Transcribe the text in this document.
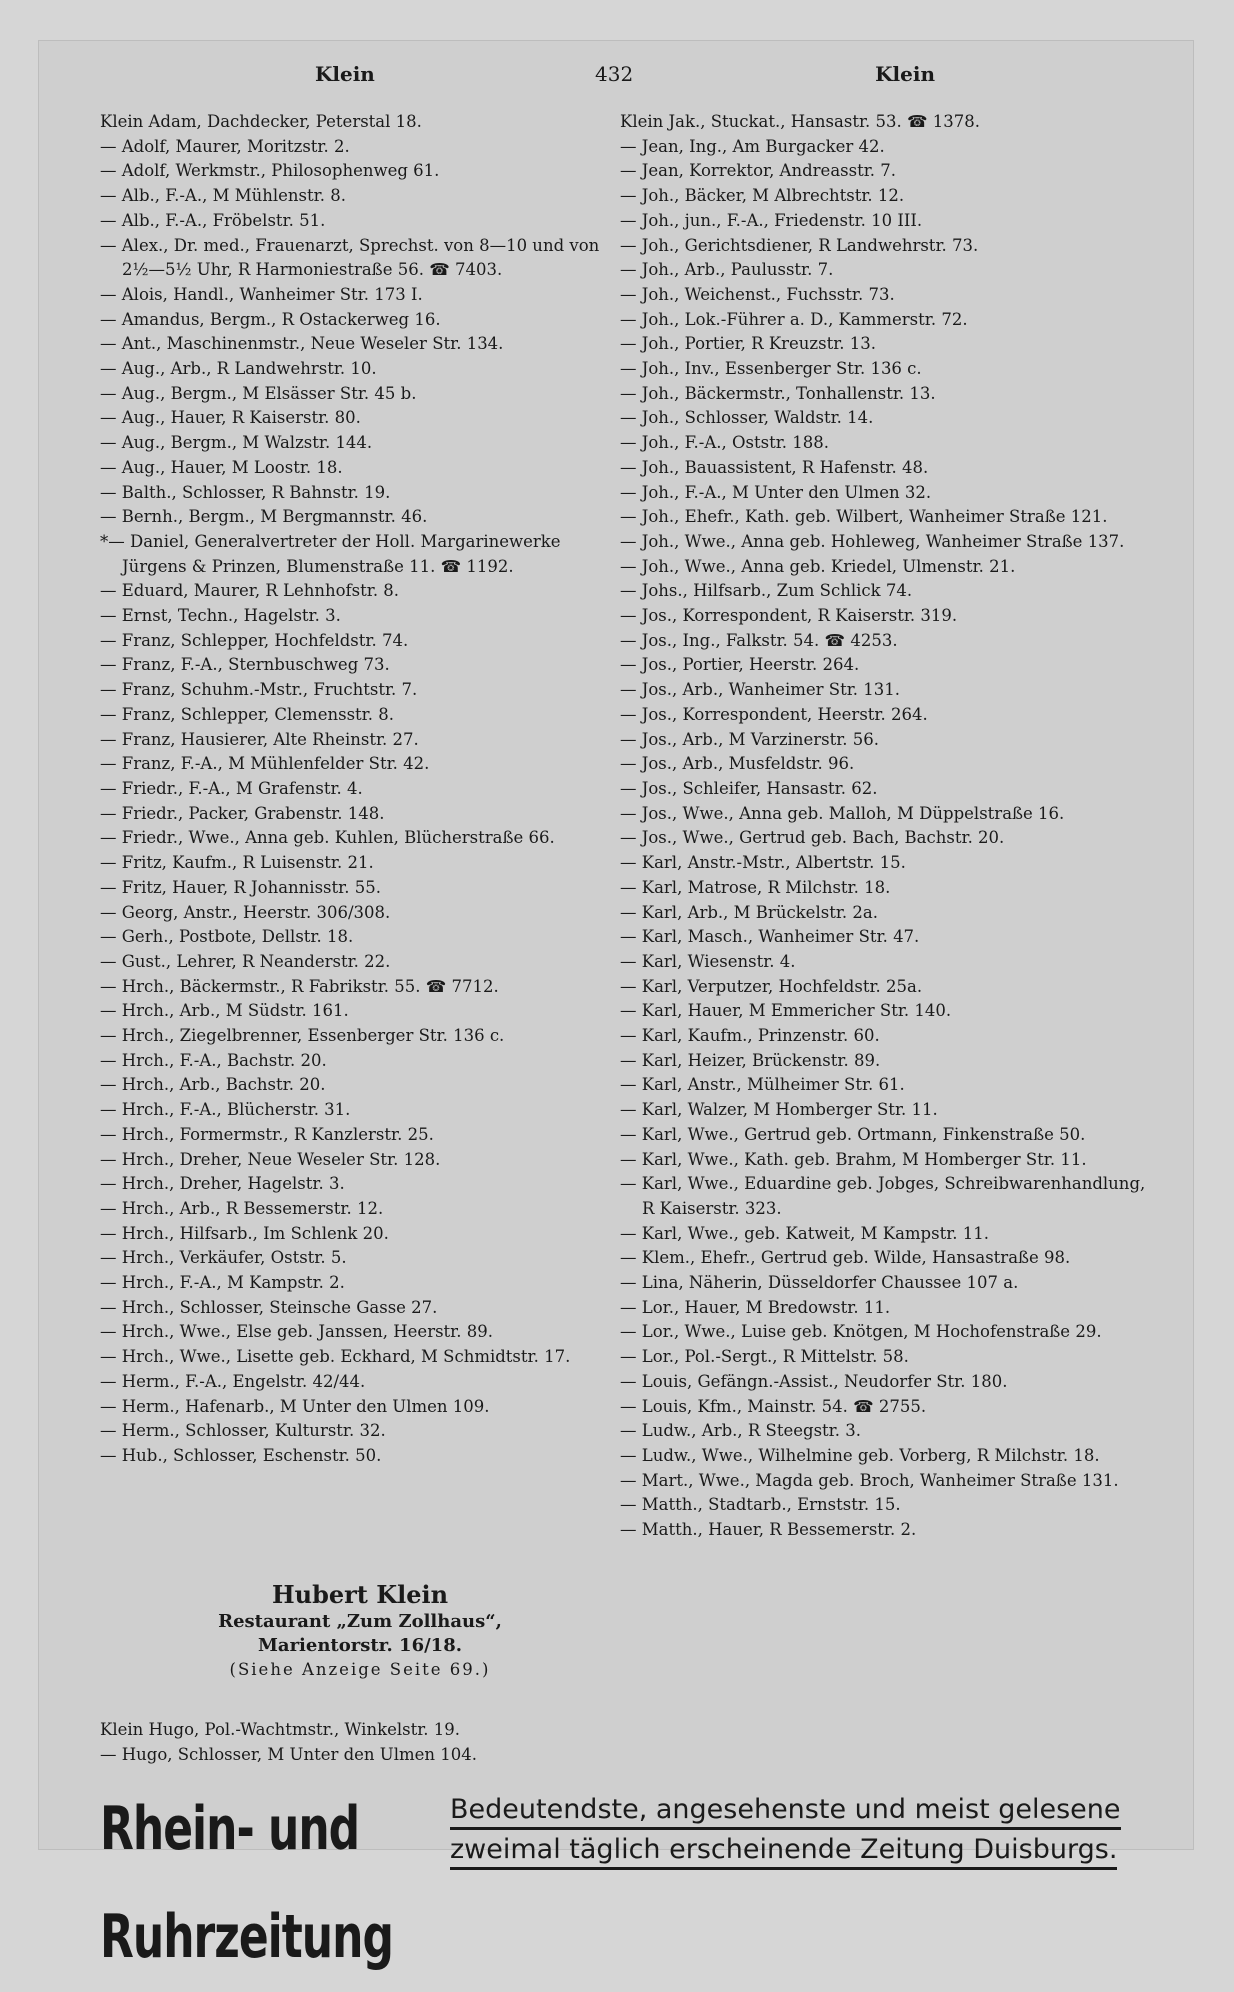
Klein	432	Klein

Klein Adam, Dachdecker, Peterstal 18.

— Adolf, Maurer, Moritzstr. 2.

— Adolf, Werkmstr., Philosophenweg 61.

— Alb., F.-A., M Mühlenstr. 8.

— Alb., F.-A., Fröbelstr. 51.

— Alex., Dr. med., Frauenarzt, Sprechst. von 8—10 und von 2½—5½ Uhr, R Harmoniestraße 56. ☎ 7403.

— Alois, Handl., Wanheimer Str. 173 I.

— Amandus, Bergm., R Ostackerweg 16.

— Ant., Maschinenmstr., Neue Weseler Str. 134.

— Aug., Arb., R Landwehrstr. 10.

— Aug., Bergm., M Elsässer Str. 45 b.

— Aug., Hauer, R Kaiserstr. 80.

— Aug., Bergm., M Walzstr. 144.

— Aug., Hauer, M Loostr. 18.

— Balth., Schlosser, R Bahnstr. 19.

— Bernh., Bergm., M Bergmannstr. 46.

*— Daniel, Generalvertreter der Holl. Margarinewerke Jürgens & Prinzen, Blumenstraße 11. ☎ 1192.

— Eduard, Maurer, R Lehnhofstr. 8.

— Ernst, Techn., Hagelstr. 3.

— Franz, Schlepper, Hochfeldstr. 74.

— Franz, F.-A., Sternbuschweg 73.

— Franz, Schuhm.-Mstr., Fruchtstr. 7.

— Franz, Schlepper, Clemensstr. 8.

— Franz, Hausierer, Alte Rheinstr. 27.

— Franz, F.-A., M Mühlenfelder Str. 42.

— Friedr., F.-A., M Grafenstr. 4.

— Friedr., Packer, Grabenstr. 148.

— Friedr., Wwe., Anna geb. Kuhlen, Blücherstraße 66.

— Fritz, Kaufm., R Luisenstr. 21.

— Fritz, Hauer, R Johannisstr. 55.

— Georg, Anstr., Heerstr. 306/308.

— Gerh., Postbote, Dellstr. 18.

— Gust., Lehrer, R Neanderstr. 22.

— Hrch., Bäckermstr., R Fabrikstr. 55. ☎ 7712.

— Hrch., Arb., M Südstr. 161.

— Hrch., Ziegelbrenner, Essenberger Str. 136 c.

— Hrch., F.-A., Bachstr. 20.

— Hrch., Arb., Bachstr. 20.

— Hrch., F.-A., Blücherstr. 31.

— Hrch., Formermstr., R Kanzlerstr. 25.

— Hrch., Dreher, Neue Weseler Str. 128.

— Hrch., Dreher, Hagelstr. 3.

— Hrch., Arb., R Bessemerstr. 12.

— Hrch., Hilfsarb., Im Schlenk 20.

— Hrch., Verkäufer, Oststr. 5.

— Hrch., F.-A., M Kampstr. 2.

— Hrch., Schlosser, Steinsche Gasse 27.

— Hrch., Wwe., Else geb. Janssen, Heerstr. 89.

— Hrch., Wwe., Lisette geb. Eckhard, M Schmidtstr. 17.

— Herm., F.-A., Engelstr. 42/44.

— Herm., Hafenarb., M Unter den Ulmen 109.

— Herm., Schlosser, Kulturstr. 32.

— Hub., Schlosser, Eschenstr. 50.

Hubert Klein
Restaurant „Zum Zollhaus“,
Marientorstr. 16/18.
(Siehe Anzeige Seite 69.)

Klein Hugo, Pol.-Wachtmstr., Winkelstr. 19.

— Hugo, Schlosser, M Unter den Ulmen 104.

Klein Jak., Stuckat., Hansastr. 53. ☎ 1378.

— Jean, Ing., Am Burgacker 42.

— Jean, Korrektor, Andreasstr. 7.

— Joh., Bäcker, M Albrechtstr. 12.

— Joh., jun., F.-A., Friedenstr. 10 III.

— Joh., Gerichtsdiener, R Landwehrstr. 73.

— Joh., Arb., Paulusstr. 7.

— Joh., Weichenst., Fuchsstr. 73.

— Joh., Lok.-Führer a. D., Kammerstr. 72.

— Joh., Portier, R Kreuzstr. 13.

— Joh., Inv., Essenberger Str. 136 c.

— Joh., Bäckermstr., Tonhallenstr. 13.

— Joh., Schlosser, Waldstr. 14.

— Joh., F.-A., Oststr. 188.

— Joh., Bauassistent, R Hafenstr. 48.

— Joh., F.-A., M Unter den Ulmen 32.

— Joh., Ehefr., Kath. geb. Wilbert, Wanheimer Straße 121.

— Joh., Wwe., Anna geb. Hohleweg, Wanheimer Straße 137.

— Joh., Wwe., Anna geb. Kriedel, Ulmenstr. 21.

— Johs., Hilfsarb., Zum Schlick 74.

— Jos., Korrespondent, R Kaiserstr. 319.

— Jos., Ing., Falkstr. 54. ☎ 4253.

— Jos., Portier, Heerstr. 264.

— Jos., Arb., Wanheimer Str. 131.

— Jos., Korrespondent, Heerstr. 264.

— Jos., Arb., M Varzinerstr. 56.

— Jos., Arb., Musfeldstr. 96.

— Jos., Schleifer, Hansastr. 62.

— Jos., Wwe., Anna geb. Malloh, M Düppelstraße 16.

— Jos., Wwe., Gertrud geb. Bach, Bachstr. 20.

— Karl, Anstr.-Mstr., Albertstr. 15.

— Karl, Matrose, R Milchstr. 18.

— Karl, Arb., M Brückelstr. 2a.

— Karl, Masch., Wanheimer Str. 47.

— Karl, Wiesenstr. 4.

— Karl, Verputzer, Hochfeldstr. 25a.

— Karl, Hauer, M Emmericher Str. 140.

— Karl, Kaufm., Prinzenstr. 60.

— Karl, Heizer, Brückenstr. 89.

— Karl, Anstr., Mülheimer Str. 61.

— Karl, Walzer, M Homberger Str. 11.

— Karl, Wwe., Gertrud geb. Ortmann, Finkenstraße 50.

— Karl, Wwe., Kath. geb. Brahm, M Homberger Str. 11.

— Karl, Wwe., Eduardine geb. Jobges, Schreibwarenhandlung, R Kaiserstr. 323.

— Karl, Wwe., geb. Katweit, M Kampstr. 11.

— Klem., Ehefr., Gertrud geb. Wilde, Hansastraße 98.

— Lina, Näherin, Düsseldorfer Chaussee 107 a.

— Lor., Hauer, M Bredowstr. 11.

— Lor., Wwe., Luise geb. Knötgen, M Hochofenstraße 29.

— Lor., Pol.-Sergt., R Mittelstr. 58.

— Louis, Gefängn.-Assist., Neudorfer Str. 180.

— Louis, Kfm., Mainstr. 54. ☎ 2755.

— Ludw., Arb., R Steegstr. 3.

— Ludw., Wwe., Wilhelmine geb. Vorberg, R Milchstr. 18.

— Mart., Wwe., Magda geb. Broch, Wanheimer Straße 131.

— Matth., Stadtarb., Ernststr. 15.

— Matth., Hauer, R Bessemerstr. 2.

Rhein- und Ruhrzeitung
Bedeutendste, angesehenste und meist gelesene
zweimal täglich erscheinende Zeitung Duisburgs.
